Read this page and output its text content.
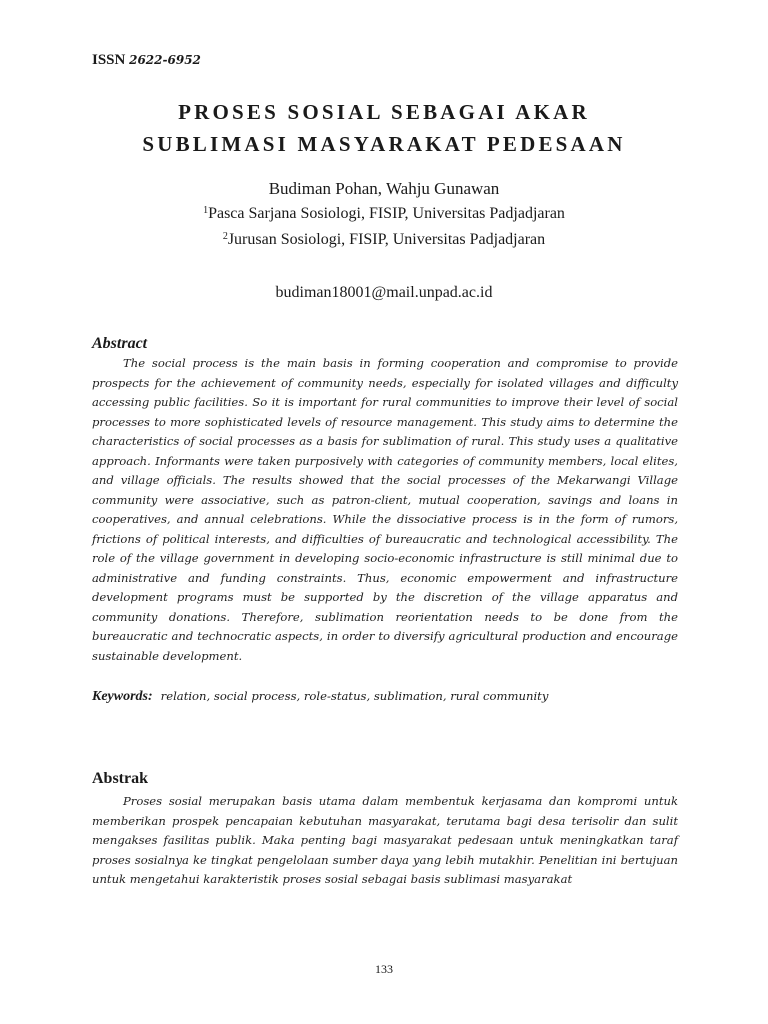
ISSN 2622-6952
PROSES SOSIAL SEBAGAI AKAR
SUBLIMASI MASYARAKAT PEDESAAN
Budiman Pohan, Wahju Gunawan
$^1$Pasca Sarjana Sosiologi, FISIP, Universitas Padjadjaran
$^2$Jurusan Sosiologi, FISIP, Universitas Padjadjaran
budiman18001@mail.unpad.ac.id
Abstract
The social process is the main basis in forming cooperation and compromise to provide prospects for the achievement of community needs, especially for isolated villages and difficulty accessing public facilities. So it is important for rural communities to improve their level of social processes to more sophisticated levels of resource management. This study aims to determine the characteristics of social processes as a basis for sublimation of rural. This study uses a qualitative approach. Informants were taken purposively with categories of community members, local elites, and village officials. The results showed that the social processes of the Mekarwangi Village community were associative, such as patron-client, mutual cooperation, savings and loans in cooperatives, and annual celebrations. While the dissociative process is in the form of rumors, frictions of political interests, and difficulties of bureaucratic and technological accessibility. The role of the village government in developing socio-economic infrastructure is still minimal due to administrative and funding constraints. Thus, economic empowerment and infrastructure development programs must be supported by the discretion of the village apparatus and community donations. Therefore, sublimation reorientation needs to be done from the bureaucratic and technocratic aspects, in order to diversify agricultural production and encourage sustainable development.
Keywords: relation, social process, role-status, sublimation, rural community
Abstrak
Proses sosial merupakan basis utama dalam membentuk kerjasama dan kompromi untuk memberikan prospek pencapaian kebutuhan masyarakat, terutama bagi desa terisolir dan sulit mengakses fasilitas publik. Maka penting bagi masyarakat pedesaan untuk meningkatkan taraf proses sosialnya ke tingkat pengelolaan sumber daya yang lebih mutakhir. Penelitian ini bertujuan untuk mengetahui karakteristik proses sosial sebagai basis sublimasi masyarakat
133
